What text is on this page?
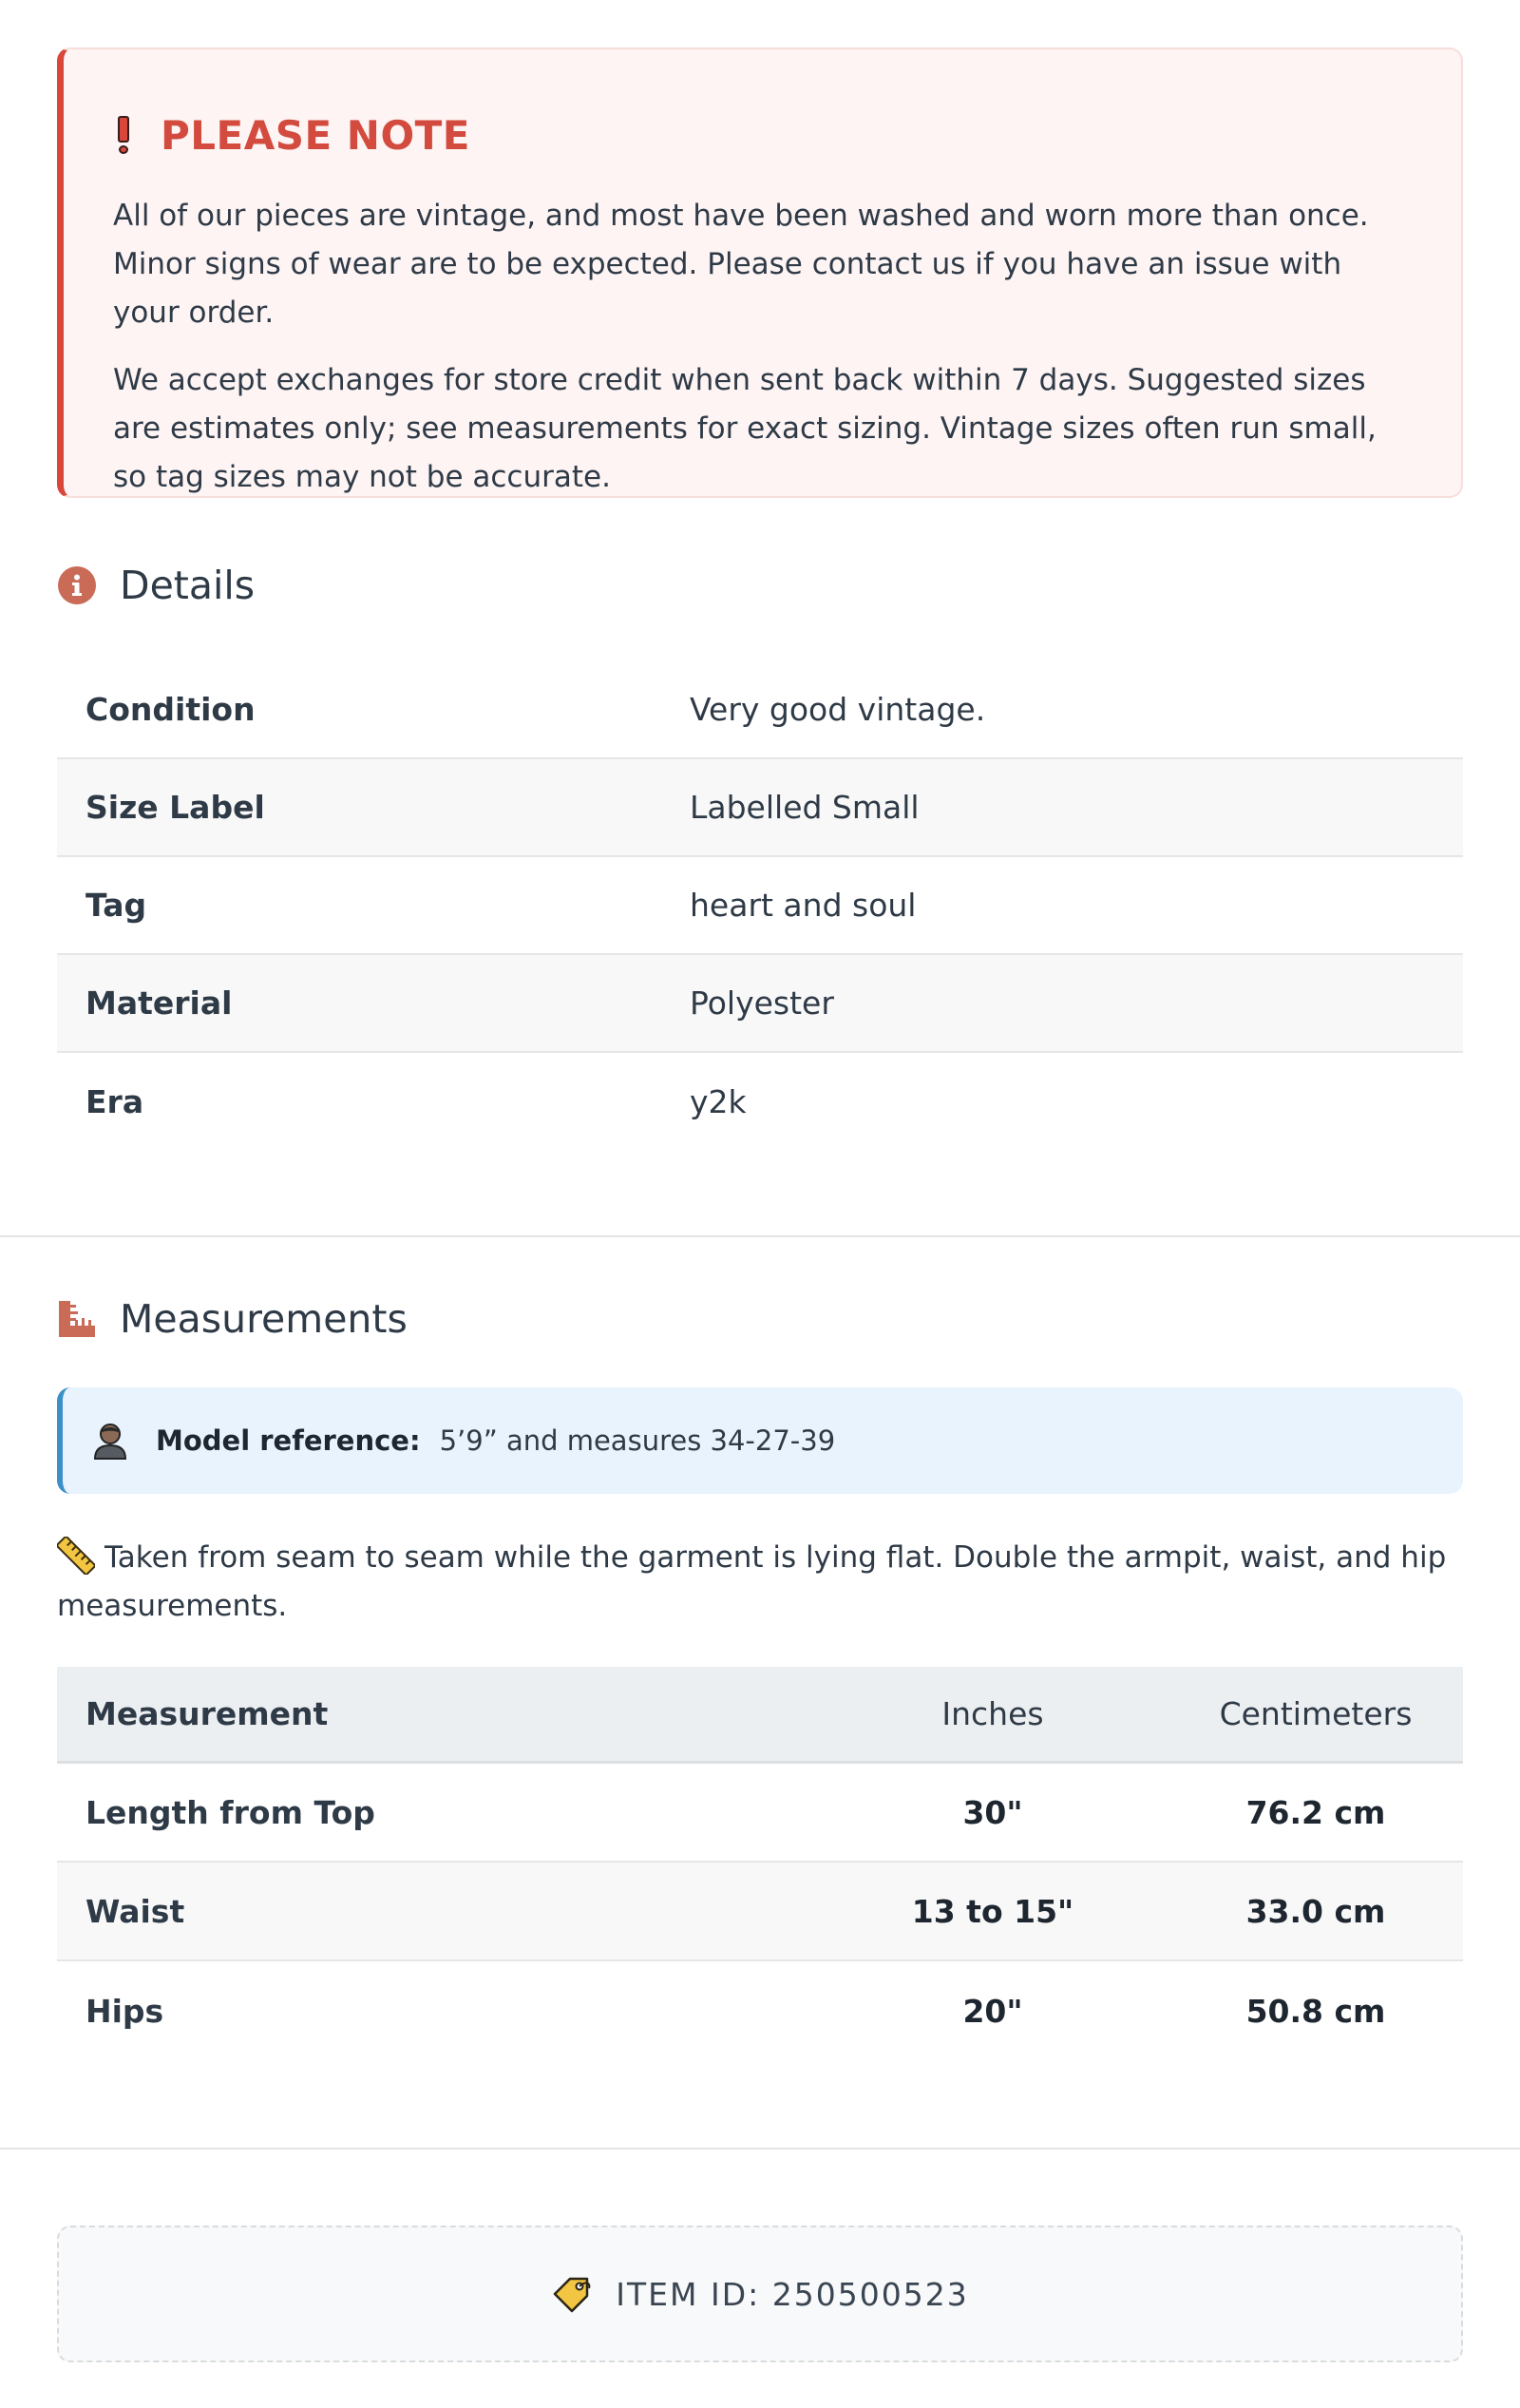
PLEASE NOTE

All of our pieces are vintage, and most have been washed and worn more than once. Minor signs of wear are to be expected. Please contact us if you have an issue with your order.

We accept exchanges for store credit when sent back within 7 days. Suggested sizes are estimates only; see measurements for exact sizing. Vintage sizes often run small, so tag sizes may not be accurate.

Details
Condition	Very good vintage.
Size Label	Labelled Small
Tag	heart and soul
Material	Polyester
Era	y2k
Measurements
Model reference: 5’9” and measures 34-27-39
Taken from seam to seam while the garment is lying flat. Double the armpit, waist, and hip measurements.
Measurement	Inches	Centimeters
Length from Top	30"	76.2 cm
Waist	13 to 15"	33.0 cm
Hips	20"	50.8 cm
ITEM ID: 250500523
